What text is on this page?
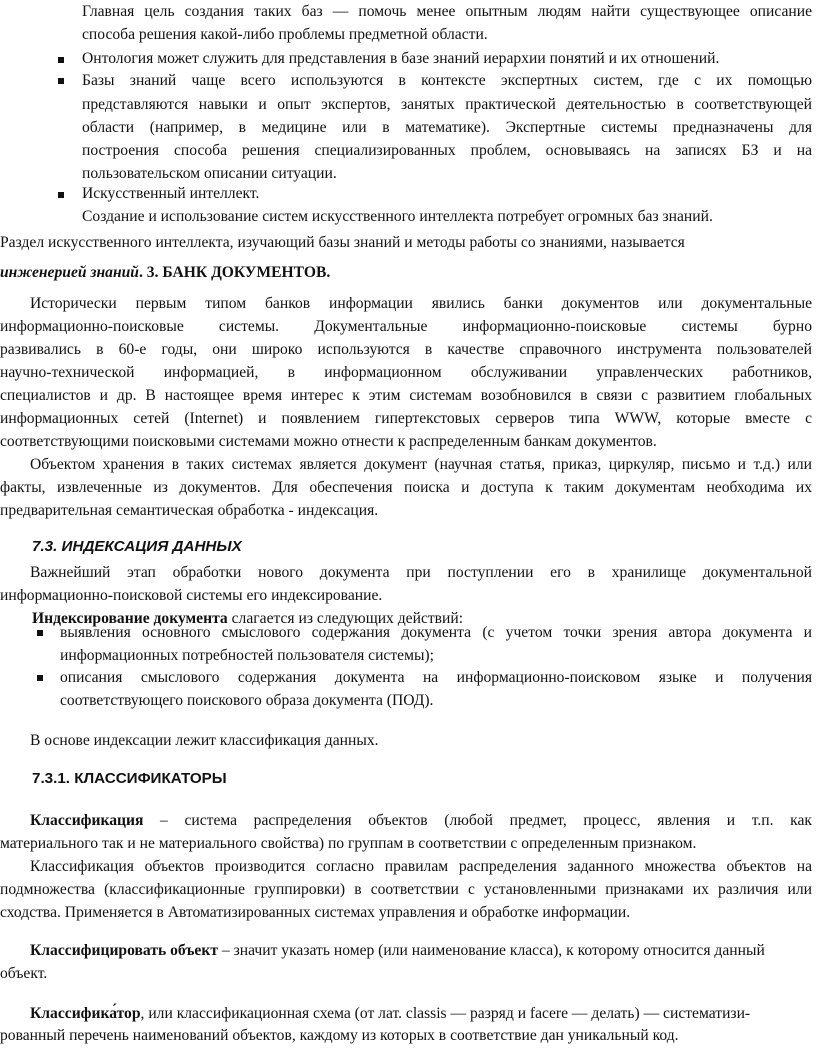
Главная цель создания таких баз — помочь менее опытным людям найти существующее описание

способа решения какой-либо проблемы предметной области.

Онтология может служить для представления в базе знаний иерархии понятий и их отношений.

Базы знаний чаще всего используются в контексте экспертных систем, где с их помощью

представляются навыки и опыт экспертов, занятых практической деятельностью в соответствующей

области (например, в медицине или в математике). Экспертные системы предназначены для

построения способа решения специализированных проблем, основываясь на записях БЗ и на

пользовательском описании ситуации.

Искусственный интеллект.

Создание и использование систем искусственного интеллекта потребует огромных баз знаний.

Раздел искусственного интеллекта, изучающий базы знаний и методы работы со знаниями, называется

инженерией знаний. 3. БАНК ДОКУМЕНТОВ.

Исторически первым типом банков информации явились банки документов или документальные

информационно-поисковые системы. Документальные информационно-поисковые системы бурно

развивались в 60-е годы, они широко используются в качестве справочного инструмента пользователей

научно-технической информацией, в информационном обслуживании управленческих работников,

специалистов и др. В настоящее время интерес к этим системам возобновился в связи с развитием глобальных

информационных сетей (Internet) и появлением гипертекстовых серверов типа WWW, которые вместе с

соответствующими поисковыми системами можно отнести к распределенным банкам документов.

Объектом хранения в таких системах является документ (научная статья, приказ, циркуляр, письмо и т.д.) или

факты, извлеченные из документов. Для обеспечения поиска и доступа к таким документам необходима их

предварительная семантическая обработка - индексация.

7.3. ИНДЕКСАЦИЯ ДАННЫХ

Важнейший этап обработки нового документа при поступлении его в хранилище документальной

информационно-поисковой системы его индексирование.

Индексирование документа слагается из следующих действий:

выявления основного смыслового содержания документа (с учетом точки зрения автора документа и

информационных потребностей пользователя системы);

описания смыслового содержания документа на информационно-поисковом языке и получения

соответствующего поискового образа документа (ПОД).

В основе индексации лежит классификация данных.

7.3.1. КЛАССИФИКАТОРЫ

Классификация – система распределения объектов (любой предмет, процесс, явления и т.п. как

материального так и не материального свойства) по группам в соответствии с определенным признаком.

Классификация объектов производится согласно правилам распределения заданного множества объектов на

подмножества (классификационные группировки) в соответствии с установленными признаками их различия или

сходства. Применяется в Автоматизированных системах управления и обработке информации.

Классифицировать объект – значит указать номер (или наименование класса), к которому относится данный

объект.

Классифика́тор, или классификационная схема (от лат. classis — разряд и facere — делать) — систематизи-

рованный перечень наименований объектов, каждому из которых в соответствие дан уникальный код.
